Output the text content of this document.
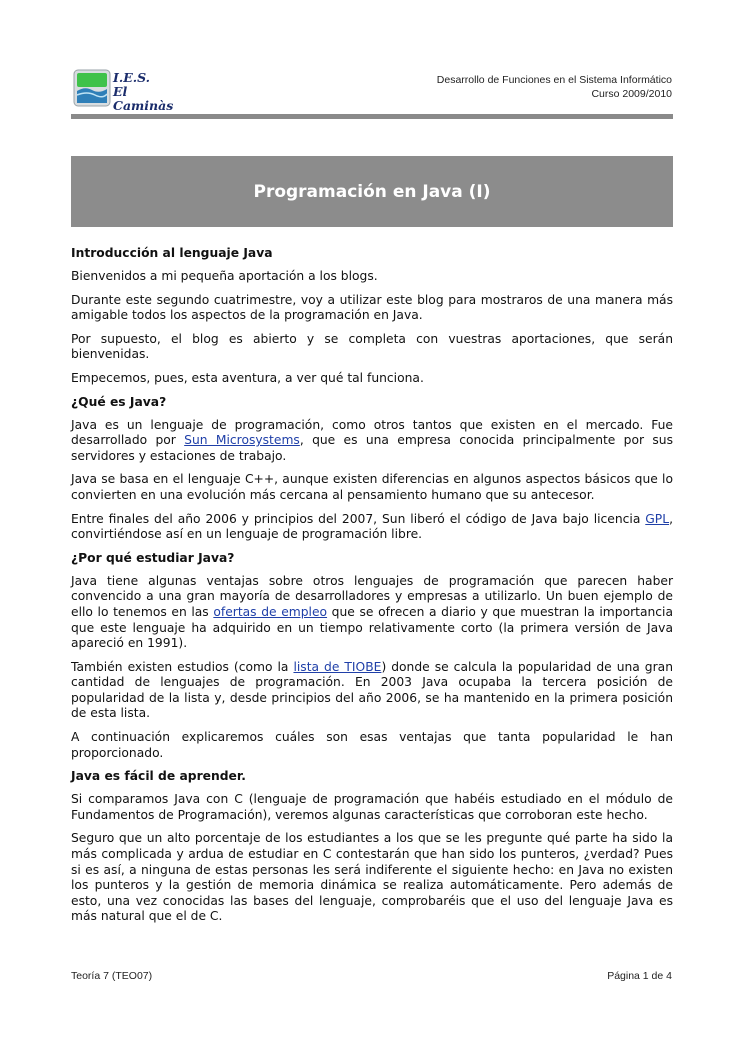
I.E.S.
El Caminàs
Desarrollo de Funciones en el Sistema Informático
Curso 2009/2010
Programación en Java (I)
Introducción al lenguaje Java

Bienvenidos a mi pequeña aportación a los blogs.

Durante este segundo cuatrimestre, voy a utilizar este blog para mostraros de una manera más amigable todos los aspectos de la programación en Java.

Por supuesto, el blog es abierto y se completa con vuestras aportaciones, que serán bienvenidas.

Empecemos, pues, esta aventura, a ver qué tal funciona.

¿Qué es Java?

Java es un lenguaje de programación, como otros tantos que existen en el mercado. Fue desarrollado por Sun Microsystems, que es una empresa conocida principalmente por sus servidores y estaciones de trabajo.

Java se basa en el lenguaje C++, aunque existen diferencias en algunos aspectos básicos que lo convierten en una evolución más cercana al pensamiento humano que su antecesor.

Entre finales del año 2006 y principios del 2007, Sun liberó el código de Java bajo licencia GPL, convirtiéndose así en un lenguaje de programación libre.

¿Por qué estudiar Java?

Java tiene algunas ventajas sobre otros lenguajes de programación que parecen haber convencido a una gran mayoría de desarrolladores y empresas a utilizarlo. Un buen ejemplo de ello lo tenemos en las ofertas de empleo que se ofrecen a diario y que muestran la importancia que este lenguaje ha adquirido en un tiempo relativamente corto (la primera versión de Java apareció en 1991).

También existen estudios (como la lista de TIOBE) donde se calcula la popularidad de una gran cantidad de lenguajes de programación. En 2003 Java ocupaba la tercera posición de popularidad de la lista y, desde principios del año 2006, se ha mantenido en la primera posición de esta lista.

A continuación explicaremos cuáles son esas ventajas que tanta popularidad le han proporcionado.

Java es fácil de aprender.

Si comparamos Java con C (lenguaje de programación que habéis estudiado en el módulo de Fundamentos de Programación), veremos algunas características que corroboran este hecho.

Seguro que un alto porcentaje de los estudiantes a los que se les pregunte qué parte ha sido la más complicada y ardua de estudiar en C contestarán que han sido los punteros, ¿verdad? Pues si es así, a ninguna de estas personas les será indiferente el siguiente hecho: en Java no existen los punteros y la gestión de memoria dinámica se realiza automáticamente. Pero además de esto, una vez conocidas las bases del lenguaje, comprobaréis que el uso del lenguaje Java es más natural que el de C.

Teoría 7 (TEO07)	Página 1 de 4
